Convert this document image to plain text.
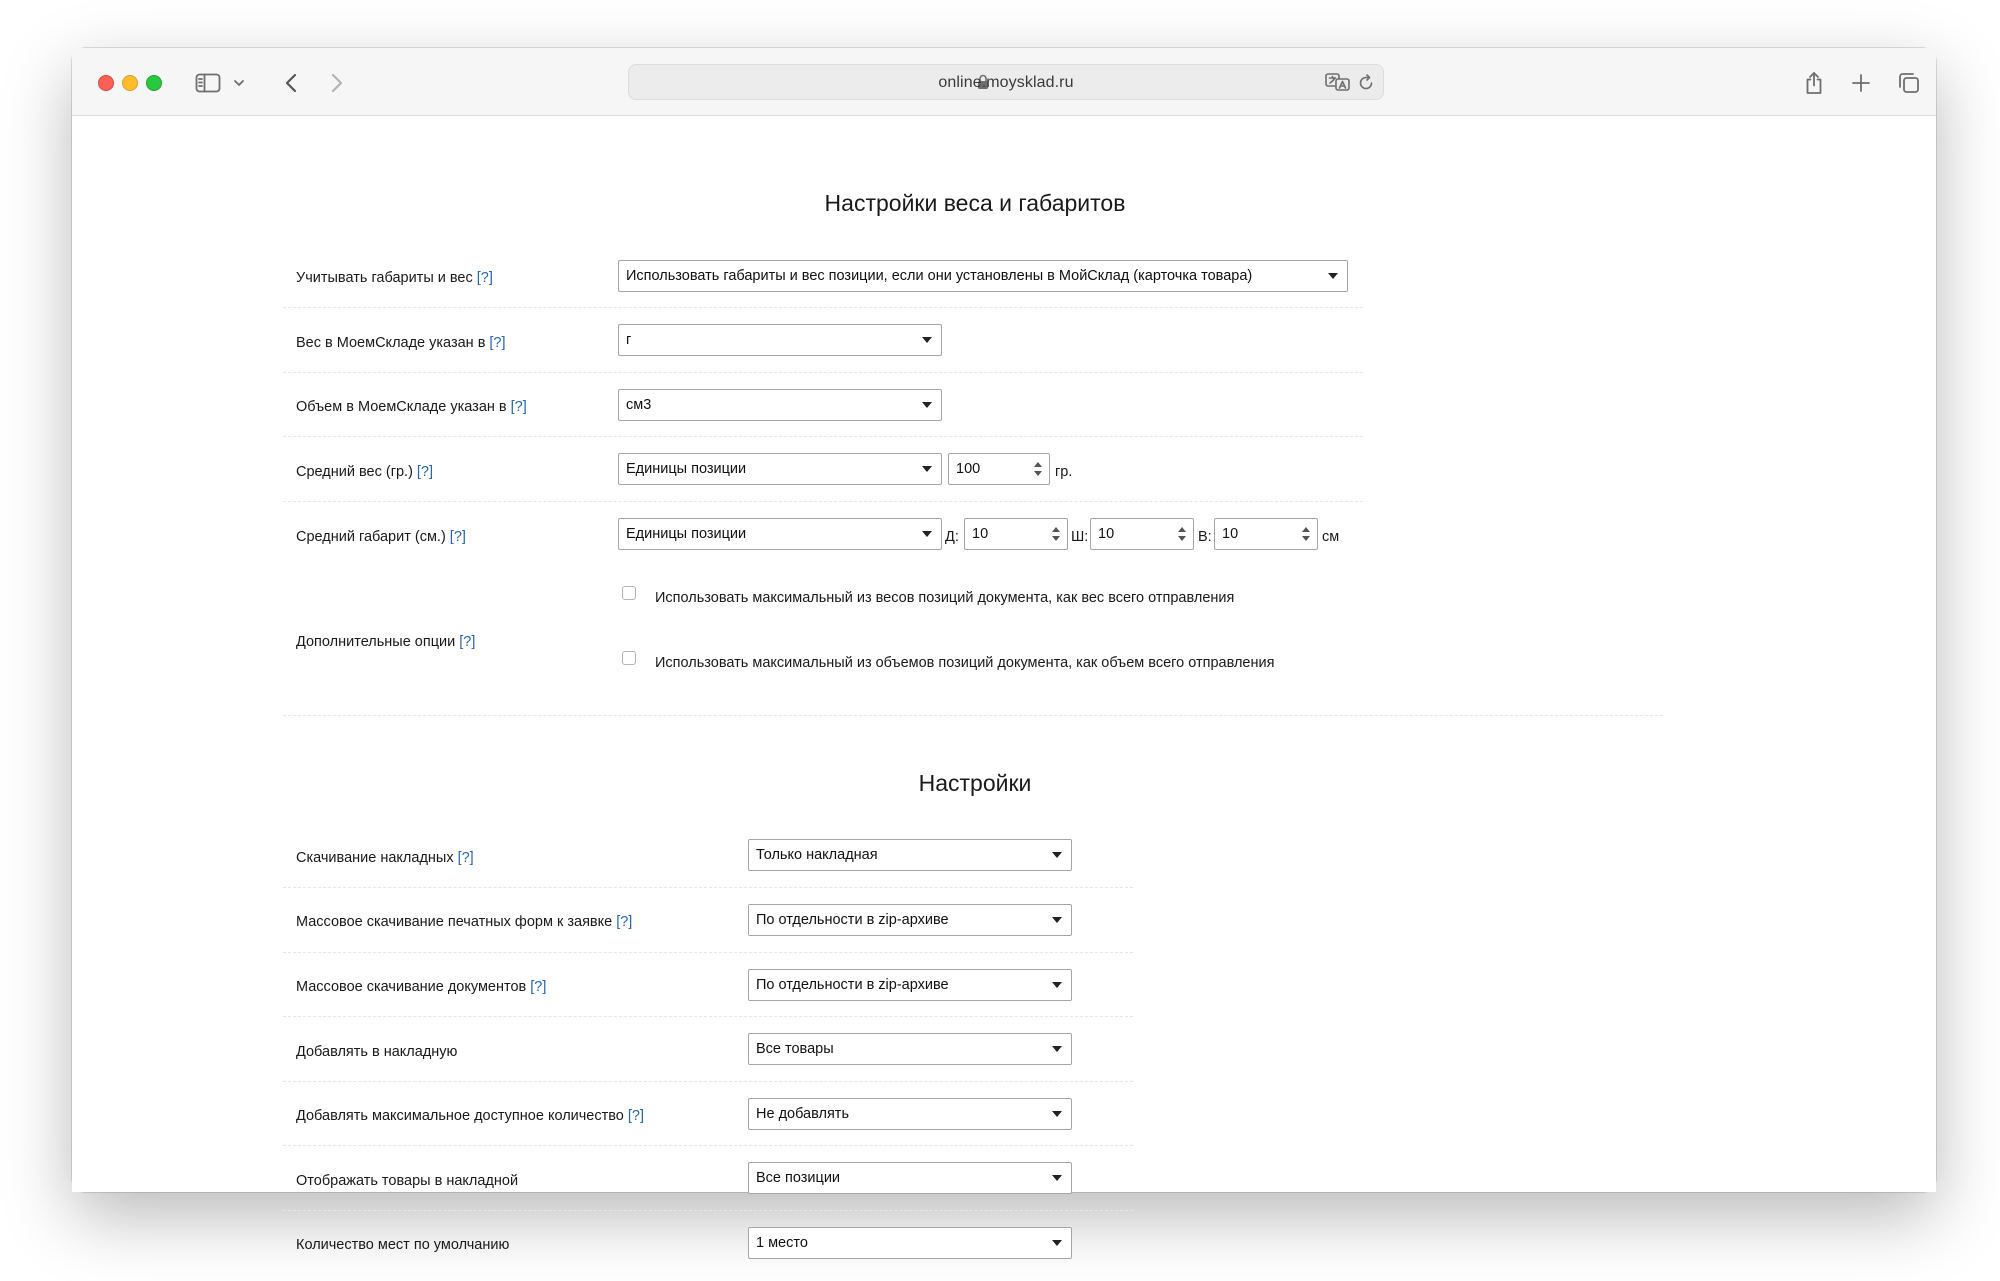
online.moysklad.ru
Настройки веса и габаритов
Учитывать габариты и вес [?]	Использовать габариты и вес позиции, если они установлены в МойСклад (карточка товара)
Вес в МоемСкладе указан в [?]	г
Объем в МоемСкладе указан в [?]	см3
Средний вес (гр.) [?]	Единицы позиции	100	гр.
Средний габарит (см.) [?]	Единицы позиции	Д: 10	Ш: 10	В: 10	см
Дополнительные опции [?]
Использовать максимальный из весов позиций документа, как вес всего отправления
Использовать максимальный из объемов позиций документа, как объем всего отправления
Настройки
Скачивание накладных [?]	Только накладная
Массовое скачивание печатных форм к заявке [?]	По отдельности в zip-архиве
Массовое скачивание документов [?]	По отдельности в zip-архиве
Добавлять в накладную	Все товары
Добавлять максимальное доступное количество [?]	Не добавлять
Отображать товары в накладной	Все позиции
Количество мест по умолчанию	1 место
